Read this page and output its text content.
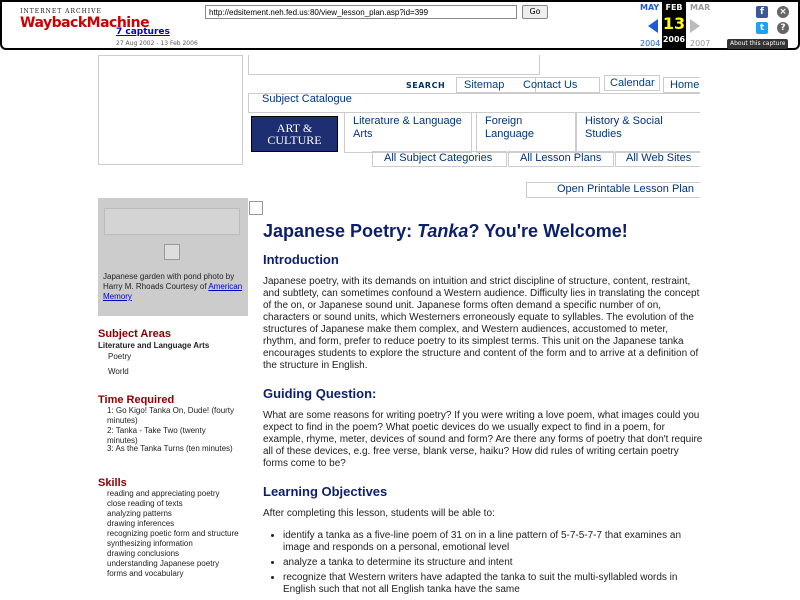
INTERNET ARCHIVE
WaybackMachine
7 captures
27 Aug 2002 - 13 Feb 2006
http://edsitement.neh.fed.us:80/view_lesson_plan.asp?id=399	Go	MAY	MAR
FEB
13
2006
2004	2007
f
t
×
?
About this capture
SEARCH Sitemap Contact Us	Calendar Home
Subject Catalogue
ART &
CULTURE
Literature & Language
Arts
Foreign
Language
History & Social
Studies
All Subject Categories	All Lesson Plans All Web Sites
Open Printable Lesson Plan
Japanese garden with pond photo by Harry M. Rhoads Courtesy of American Memory
Subject Areas
Literature and Language Arts
Poetry
World
Time Required
1: Go Kigo! Tanka On, Dude! (fourty minutes)
2: Tanka - Take Two (twenty minutes)
3: As the Tanka Turns (ten minutes)
Skills
reading and appreciating poetry
close reading of texts
analyzing patterns
drawing inferences
recognizing poetic form and structure
synthesizing information
drawing conclusions
understanding Japanese poetry forms and vocabulary
Japanese Poetry: Tanka? You're Welcome!
Introduction
Japanese poetry, with its demands on intuition and strict discipline of structure, content, restraint, and subtlety, can sometimes confound a Western audience. Difficulty lies in translating the concept of the on, or Japanese sound unit. Japanese forms often demand a specific number of on, characters or sound units, which Westerners erroneously equate to syllables. The evolution of the structures of Japanese make them complex, and Western audiences, accustomed to meter, rhythm, and form, prefer to reduce poetry to its simplest terms. This unit on the Japanese tanka encourages students to explore the structure and content of the form and to arrive at a definition of the structure in English.
Guiding Question:
What are some reasons for writing poetry? If you were writing a love poem, what images could you expect to find in the poem? What poetic devices do we usually expect to find in a poem, for example, rhyme, meter, devices of sound and form? Are there any forms of poetry that don't require all of these devices, e.g. free verse, blank verse, haiku? How did rules of writing certain poetry forms come to be?
Learning Objectives
After completing this lesson, students will be able to:
• identify a tanka as a five-line poem of 31 on in a line pattern of 5-7-5-7-7 that examines an image and responds on a personal, emotional level
• analyze a tanka to determine its structure and intent
• recognize that Western writers have adapted the tanka to suit the multi-syllabled words in English such that not all English tanka have the same
